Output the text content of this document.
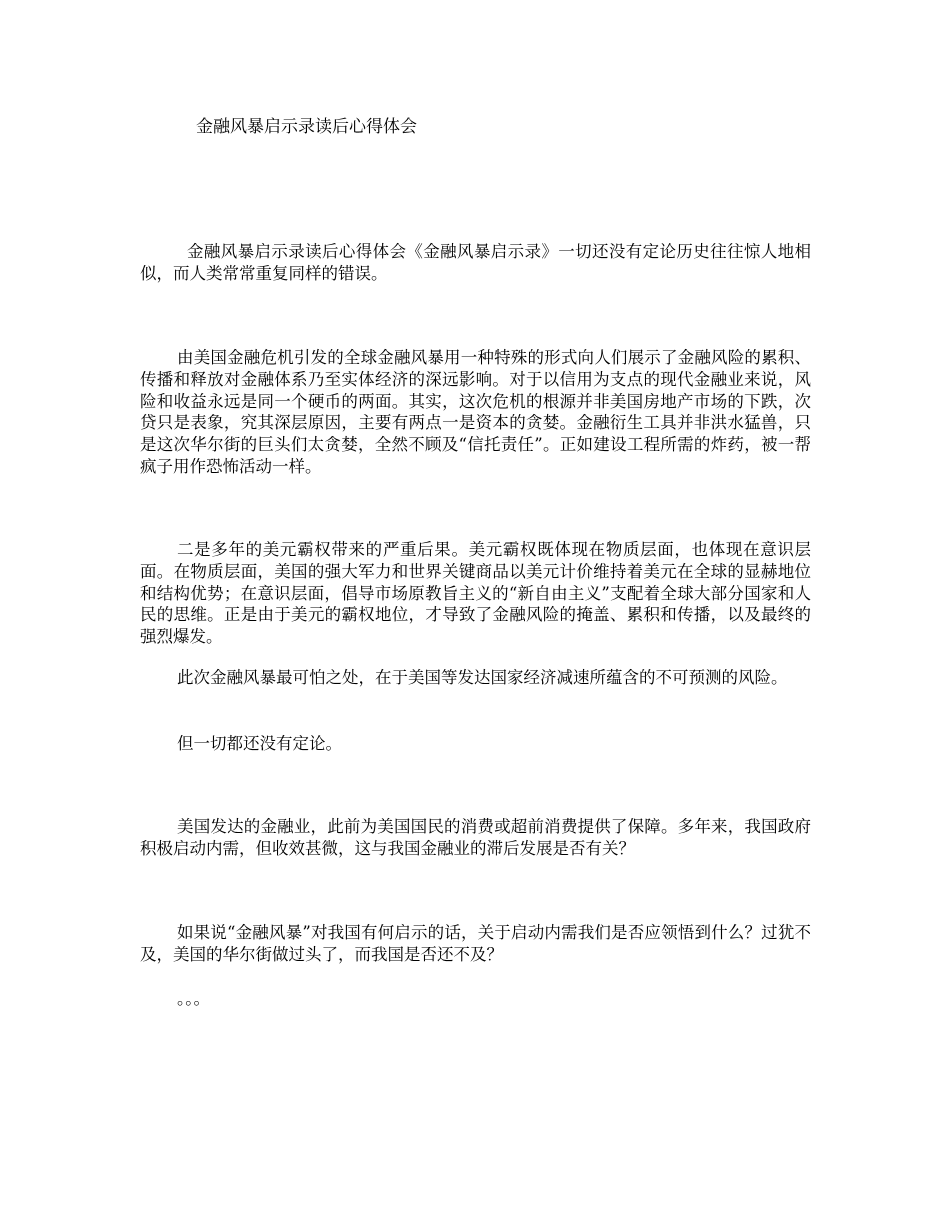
金融风暴启示录读后心得体会

金融风暴启示录读后心得体会《金融风暴启示录》一切还没有定论历史往往惊人地相似，而人类常常重复同样的错误。

由美国金融危机引发的全球金融风暴用一种特殊的形式向人们展示了金融风险的累积、传播和释放对金融体系乃至实体经济的深远影响。对于以信用为支点的现代金融业来说，风险和收益永远是同一个硬币的两面。其实，这次危机的根源并非美国房地产市场的下跌，次贷只是表象，究其深层原因，主要有两点一是资本的贪婪。金融衍生工具并非洪水猛兽，只是这次华尔街的巨头们太贪婪，全然不顾及“信托责任”。正如建设工程所需的炸药，被一帮疯子用作恐怖活动一样。

二是多年的美元霸权带来的严重后果。美元霸权既体现在物质层面，也体现在意识层面。在物质层面，美国的强大军力和世界关键商品以美元计价维持着美元在全球的显赫地位和结构优势；在意识层面，倡导市场原教旨主义的“新自由主义”支配着全球大部分国家和人民的思维。正是由于美元的霸权地位，才导致了金融风险的掩盖、累积和传播，以及最终的强烈爆发。

此次金融风暴最可怕之处，在于美国等发达国家经济减速所蕴含的不可预测的风险。

但一切都还没有定论。

美国发达的金融业，此前为美国国民的消费或超前消费提供了保障。多年来，我国政府积极启动内需，但收效甚微，这与我国金融业的滞后发展是否有关？

如果说“金融风暴”对我国有何启示的话，关于启动内需我们是否应领悟到什么？过犹不及，美国的华尔街做过头了，而我国是否还不及？

。。。
